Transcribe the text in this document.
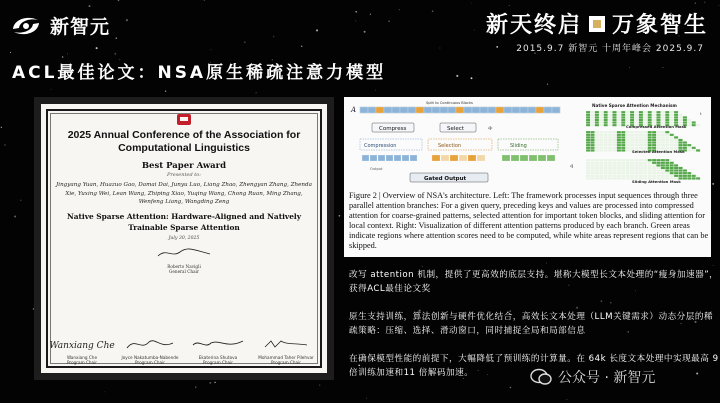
新智元	新天终启 万象智生
2015.9.7 新智元 十周年峰会 2025.9.7
ACL最佳论文：NSA原生稀疏注意力模型
2025 Annual Conference of the Association for Computational Linguistics
Best Paper Award
Presented to:
Jingyang Yuan, Huazuo Gao, Damai Dai, Junyu Luo, Liang Zhao, Zhengyan Zhang, Zhenda Xie, Yuxing Wei, Lean Wang, Zhiping Xiao, Yuqing Wang, Chong Ruan, Ming Zhang, Wenfeng Liang, Wangding Zeng
Native Sparse Attention: Hardware-Aligned and Natively Trainable Sparse Attention
July 30, 2025
Roberto Navigli
General Chair
Wanxiang Che
Wanxiang Che
Program Chair
Joyce Nakatumba-Nabende
Program Chair
Ekaterina Shutova
Program Chair
Mohammad Taher Pilehvar
Program Chair
A
Split to Continuous Blocks
Compress	Select	qₜ
Compression	Selection	Sliding
Gated Output
Output	q
Native Sparse Attention Mechanism
Compressed Attention Mask
Selected Attention Mask
Sliding Attention Mask
t
Figure 2 | Overview of NSA's architecture. Left: The framework processes input sequences through three parallel attention branches: For a given query, preceding keys and values are processed into compressed attention for coarse-grained patterns, selected attention for important token blocks, and sliding attention for local context. Right: Visualization of different attention patterns produced by each branch. Green areas indicate regions where attention scores need to be computed, while white areas represent regions that can be skipped.
改写 attention 机制，提供了更高效的底层支持。堪称大模型长文本处理的“瘦身加速器”，获得ACL最佳论文奖
原生支持训练，算法创新与硬件优化结合，高效长文本处理（LLM关键需求）动态分层的稀疏策略：压缩、选择、滑动窗口，同时捕捉全局和局部信息
在确保模型性能的前提下，大幅降低了预训练的计算量。在 64k 长度文本处理中实现最高 9 倍训练加速和11 倍解码加速。	公众号 · 新智元
